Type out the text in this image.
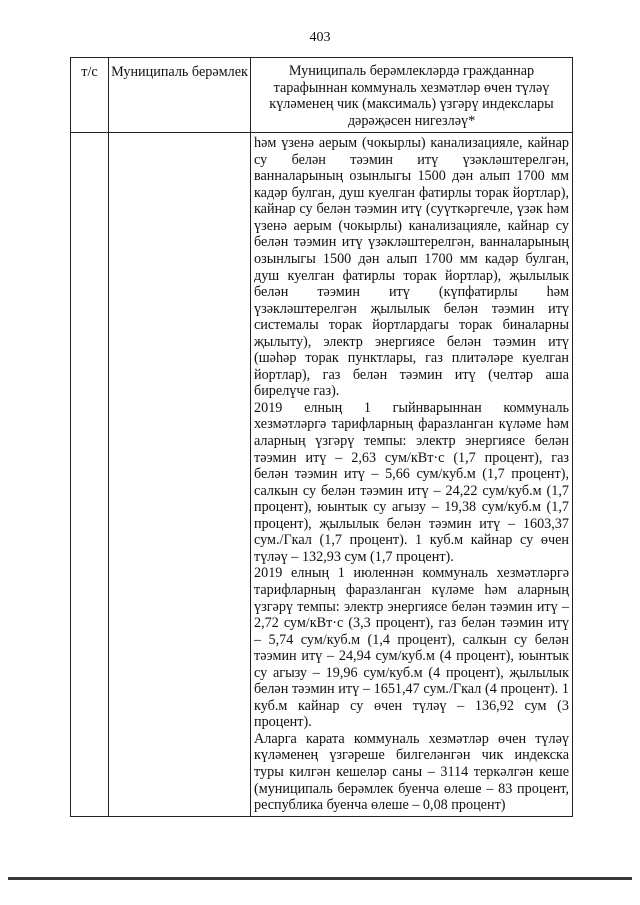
403
т/с	Муниципаль берәмлек	Муниципаль берәмлекләрдә гражданнар тарафыннан коммуналь хезмәтләр өчен түләү күләменең чик (максималь) үзгәрү индекслары дәрәҗәсен нигезләү*

		һәм үзенә аерым (чокырлы) канализацияле, кайнар су белән тәэмин итү үзәкләштерелгән, ванналарының озынлыгы 1500 дән алып 1700 мм кадәр булган, душ куелган фатирлы торак йортлар), кайнар су белән тәэмин итү (суүткәргечле, үзәк һәм үзенә аерым (чокырлы) канализацияле, кайнар су белән тәэмин итү үзәкләштерелгән, ванналарының озынлыгы 1500 дән алып 1700 мм кадәр булган, душ куелган фатирлы торак йортлар), җылылык белән тәэмин итү (күпфатирлы һәм үзәкләштерелгән җылылык белән тәэмин итү системалы торак йортлардагы торак биналарны җылыту), электр энергиясе белән тәэмин итү (шәһәр торак пунктлары, газ плитәләре куелган йортлар), газ белән тәэмин итү (челтәр аша бирелүче газ).

2019 елның 1 гыйнварыннан коммуналь хезмәтләргә тарифларның фаразланган күләме һәм аларның үзгәрү темпы: электр энергиясе белән тәэмин итү – 2,63 сум/кВт·с (1,7 процент), газ белән тәэмин итү – 5,66 сум/куб.м (1,7 процент), салкын су белән тәэмин итү – 24,22 сум/куб.м (1,7 процент), юынтык су агызу – 19,38 сум/куб.м (1,7 процент), җылылык белән тәэмин итү – 1603,37 сум./Гкал (1,7 процент). 1 куб.м кайнар су өчен түләү – 132,93 сум (1,7 процент).

2019 елның 1 июленнән коммуналь хезмәтләргә тарифларның фаразланган күләме һәм аларның үзгәрү темпы: электр энергиясе белән тәэмин итү – 2,72 сум/кВт·с (3,3 процент), газ белән тәэмин итү – 5,74 сум/куб.м (1,4 процент), салкын су белән тәэмин итү – 24,94 сум/куб.м (4 процент), юынтык су агызу – 19,96 сум/куб.м (4 процент), җылылык белән тәэмин итү – 1651,47 сум./Гкал (4 процент). 1 куб.м кайнар су өчен түләү – 136,92 сум (3 процент).

Аларга карата коммуналь хезмәтләр өчен түләү күләменең үзгәреше билгеләнгән чик индекска туры килгән кешеләр саны – 3114 теркәлгән кеше (муниципаль берәмлек буенча өлеше – 83 процент, республика буенча өлеше – 0,08 процент)
